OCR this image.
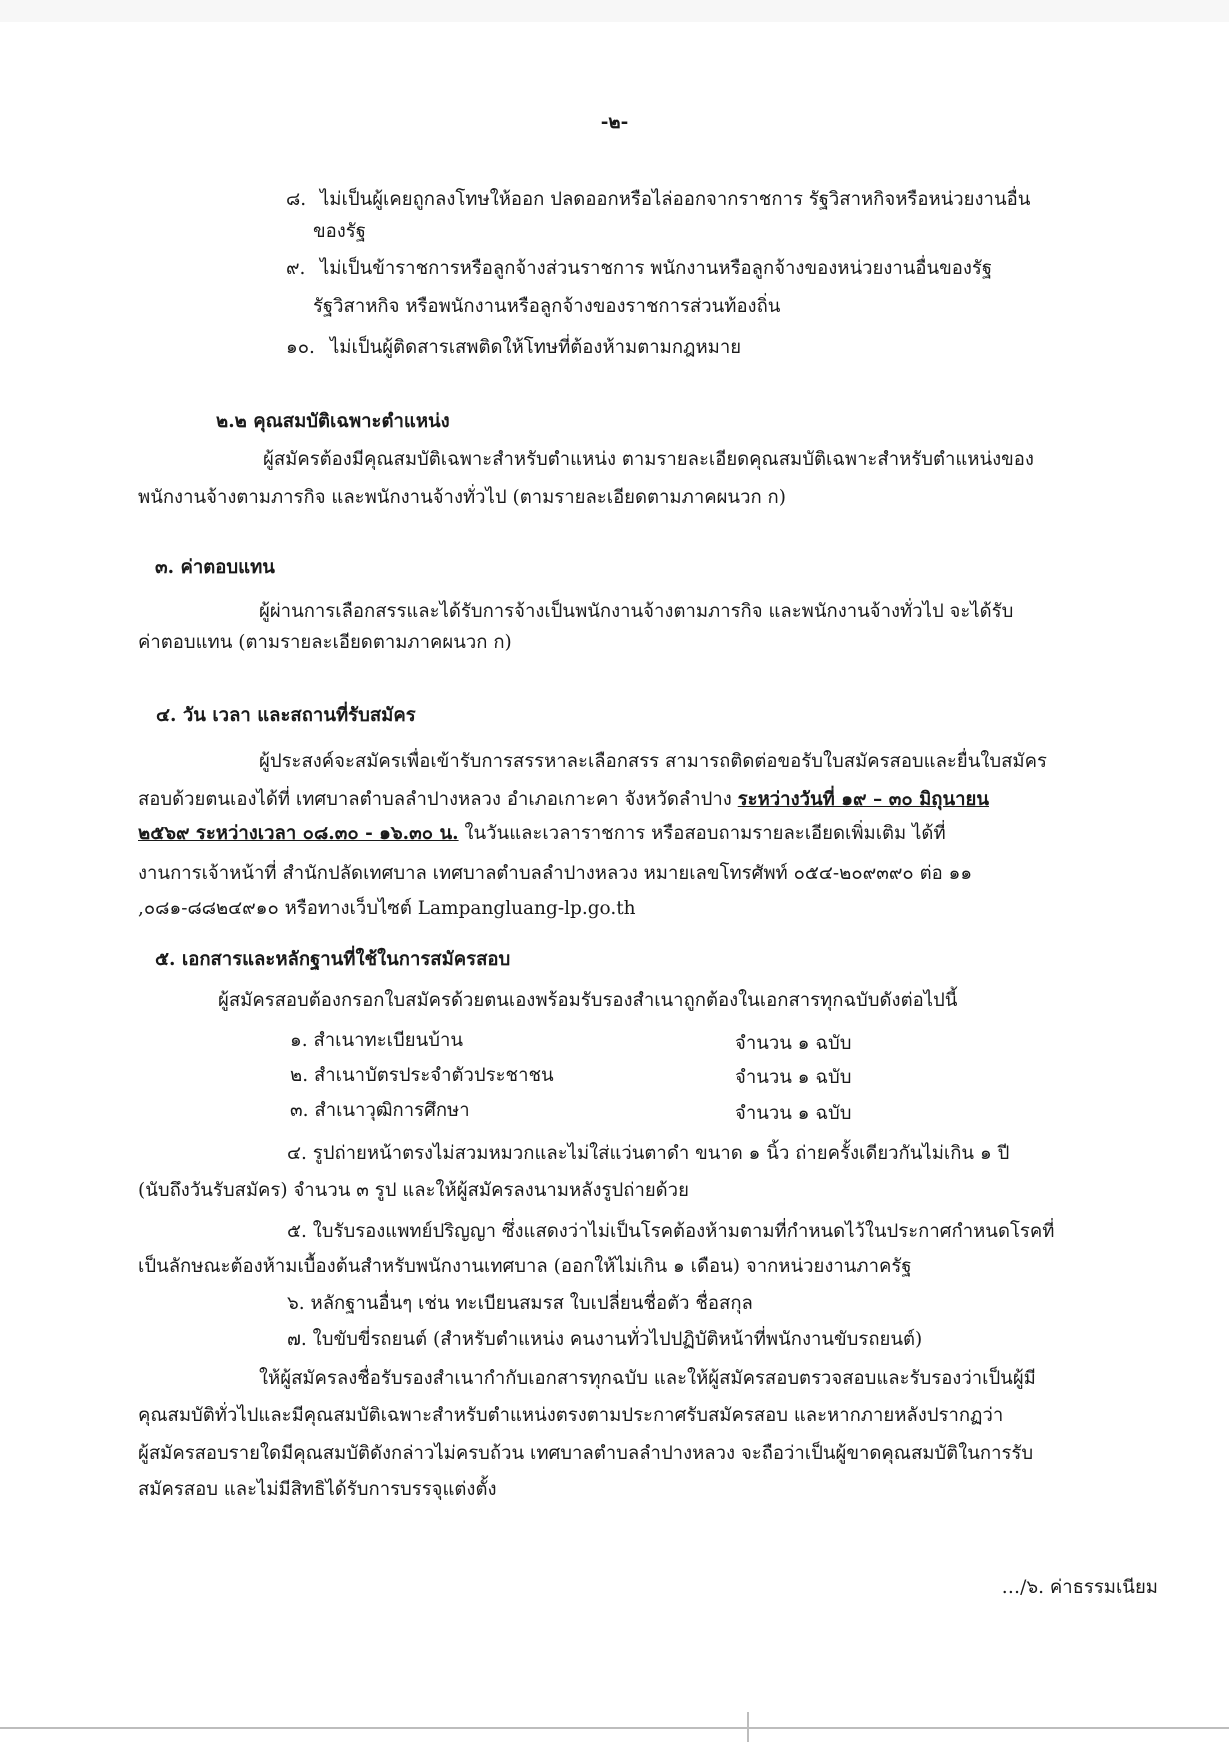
-๒-
๘. ไม่เป็นผู้เคยถูกลงโทษให้ออก ปลดออกหรือไล่ออกจากราชการ รัฐวิสาหกิจหรือหน่วยงานอื่น
ของรัฐ
๙. ไม่เป็นข้าราชการหรือลูกจ้างส่วนราชการ พนักงานหรือลูกจ้างของหน่วยงานอื่นของรัฐ
รัฐวิสาหกิจ หรือพนักงานหรือลูกจ้างของราชการส่วนท้องถิ่น
๑๐. ไม่เป็นผู้ติดสารเสพติดให้โทษที่ต้องห้ามตามกฎหมาย
๒.๒ คุณสมบัติเฉพาะตำแหน่ง
ผู้สมัครต้องมีคุณสมบัติเฉพาะสำหรับตำแหน่ง ตามรายละเอียดคุณสมบัติเฉพาะสำหรับตำแหน่งของ
พนักงานจ้างตามภารกิจ และพนักงานจ้างทั่วไป (ตามรายละเอียดตามภาคผนวก ก)
๓. ค่าตอบแทน
ผู้ผ่านการเลือกสรรและได้รับการจ้างเป็นพนักงานจ้างตามภารกิจ และพนักงานจ้างทั่วไป จะได้รับ
ค่าตอบแทน (ตามรายละเอียดตามภาคผนวก ก)
๔. วัน เวลา และสถานที่รับสมัคร
ผู้ประสงค์จะสมัครเพื่อเข้ารับการสรรหาละเลือกสรร สามารถติดต่อขอรับใบสมัครสอบและยื่นใบสมัคร
สอบด้วยตนเองได้ที่ เทศบาลตำบลลำปางหลวง อำเภอเกาะคา จังหวัดลำปาง ระหว่างวันที่ ๑๙ – ๓๐ มิถุนายน
๒๕๖๙ ระหว่างเวลา ๐๘.๓๐ - ๑๖.๓๐ น. ในวันและเวลาราชการ หรือสอบถามรายละเอียดเพิ่มเติม ได้ที่
งานการเจ้าหน้าที่ สำนักปลัดเทศบาล เทศบาลตำบลลำปางหลวง หมายเลขโทรศัพท์ ๐๕๔-๒๐๙๓๙๐ ต่อ ๑๑
,๐๘๑-๘๘๒๔๙๑๐ หรือทางเว็บไซต์ Lampangluang-lp.go.th
๕. เอกสารและหลักฐานที่ใช้ในการสมัครสอบ
ผู้สมัครสอบต้องกรอกใบสมัครด้วยตนเองพร้อมรับรองสำเนาถูกต้องในเอกสารทุกฉบับดังต่อไปนี้
๑. สำเนาทะเบียนบ้าน	จำนวน ๑ ฉบับ
๒. สำเนาบัตรประจำตัวประชาชน	จำนวน ๑ ฉบับ
๓. สำเนาวุฒิการศึกษา	จำนวน ๑ ฉบับ
๔. รูปถ่ายหน้าตรงไม่สวมหมวกและไม่ใส่แว่นตาดำ ขนาด ๑ นิ้ว ถ่ายครั้งเดียวกันไม่เกิน ๑ ปี
(นับถึงวันรับสมัคร) จำนวน ๓ รูป และให้ผู้สมัครลงนามหลังรูปถ่ายด้วย
๕. ใบรับรองแพทย์ปริญญา ซึ่งแสดงว่าไม่เป็นโรคต้องห้ามตามที่กำหนดไว้ในประกาศกำหนดโรคที่
เป็นลักษณะต้องห้ามเบื้องต้นสำหรับพนักงานเทศบาล (ออกให้ไม่เกิน ๑ เดือน) จากหน่วยงานภาครัฐ
๖. หลักฐานอื่นๆ เช่น ทะเบียนสมรส ใบเปลี่ยนชื่อตัว ชื่อสกุล
๗. ใบขับขี่รถยนต์ (สำหรับตำแหน่ง คนงานทั่วไปปฏิบัติหน้าที่พนักงานขับรถยนต์)
ให้ผู้สมัครลงชื่อรับรองสำเนากำกับเอกสารทุกฉบับ และให้ผู้สมัครสอบตรวจสอบและรับรองว่าเป็นผู้มี
คุณสมบัติทั่วไปและมีคุณสมบัติเฉพาะสำหรับตำแหน่งตรงตามประกาศรับสมัครสอบ และหากภายหลังปรากฏว่า
ผู้สมัครสอบรายใดมีคุณสมบัติดังกล่าวไม่ครบถ้วน เทศบาลตำบลลำปางหลวง จะถือว่าเป็นผู้ขาดคุณสมบัติในการรับ
สมัครสอบ และไม่มีสิทธิได้รับการบรรจุแต่งตั้ง
…/๖. ค่าธรรมเนียม
